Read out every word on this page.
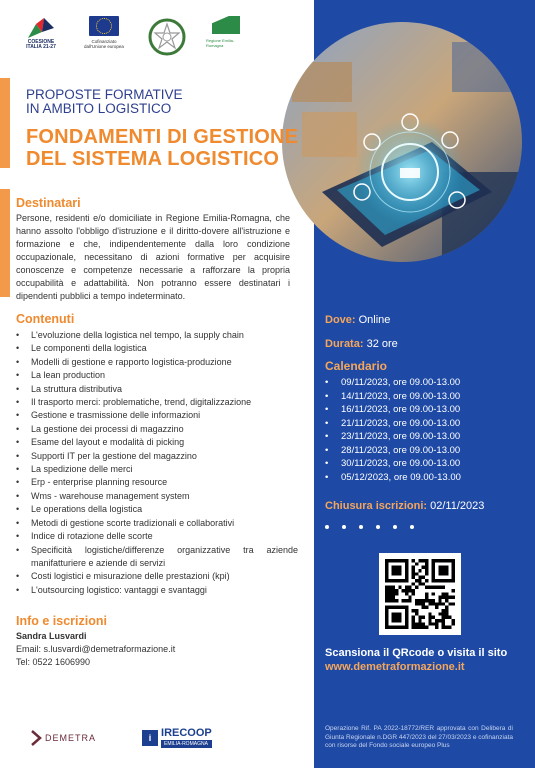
COESIONE ITALIA 21-27
Cofinanziato dall'Unione europea
Regione Emilia-Romagna
PROPOSTE FORMATIVE
IN AMBITO LOGISTICO
FONDAMENTI DI GESTIONE
DEL SISTEMA LOGISTICO
Destinatari
Persone, residenti e/o domiciliate in Regione Emilia-Romagna, che hanno assolto l'obbligo d'istruzione e il diritto-dovere all'istruzione e formazione e che, indipendentemente dalla loro condizione occupazionale, necessitano di azioni formative per acquisire conoscenze e competenze necessarie a rafforzare la propria occupabilità e adattabilità. Non potranno essere destinatari i dipendenti pubblici a tempo indeterminato.
Contenuti
• L'evoluzione della logistica nel tempo, la supply chain
• Le componenti della logistica
• Modelli di gestione e rapporto logistica-produzione
• La lean production
• La struttura distributiva
• Il trasporto merci: problematiche, trend, digitalizzazione
• Gestione e trasmissione delle informazioni
• La gestione dei processi di magazzino
• Esame del layout e modalità di picking
• Supporti IT per la gestione del magazzino
• La spedizione delle merci
• Erp - enterprise planning resource
• Wms - warehouse management system
• Le operations della logistica
• Metodi di gestione scorte tradizionali e collaborativi
• Indice di rotazione delle scorte
• Specificità logistiche/differenze organizzative tra aziende manifatturiere e aziende di servizi
• Costi logistici e misurazione delle prestazioni (kpi)
• L'outsourcing logistico: vantaggi e svantaggi
Info e iscrizioni
Sandra Lusvardi
Email: s.lusvardi@demetraformazione.it
Tel: 0522 1606990
DEMETRA	i IRECOOP
EMILIA-ROMAGNA
Dove: Online
Durata: 32 ore
Calendario
• 09/11/2023, ore 09.00-13.00
• 14/11/2023, ore 09.00-13.00
• 16/11/2023, ore 09.00-13.00
• 21/11/2023, ore 09.00-13.00
• 23/11/2023, ore 09.00-13.00
• 28/11/2023, ore 09.00-13.00
• 30/11/2023, ore 09.00-13.00
• 05/12/2023, ore 09.00-13.00
Chiusura iscrizioni: 02/11/2023
Scansiona il QRcode o visita il sito
www.demetraformazione.it
Operazione Rif. PA 2022-18772/RER approvata con Delibera di Giunta Regionale n.DGR 447/2023 del 27/03/2023 e cofinanziata con risorse del Fondo sociale europeo Plus
